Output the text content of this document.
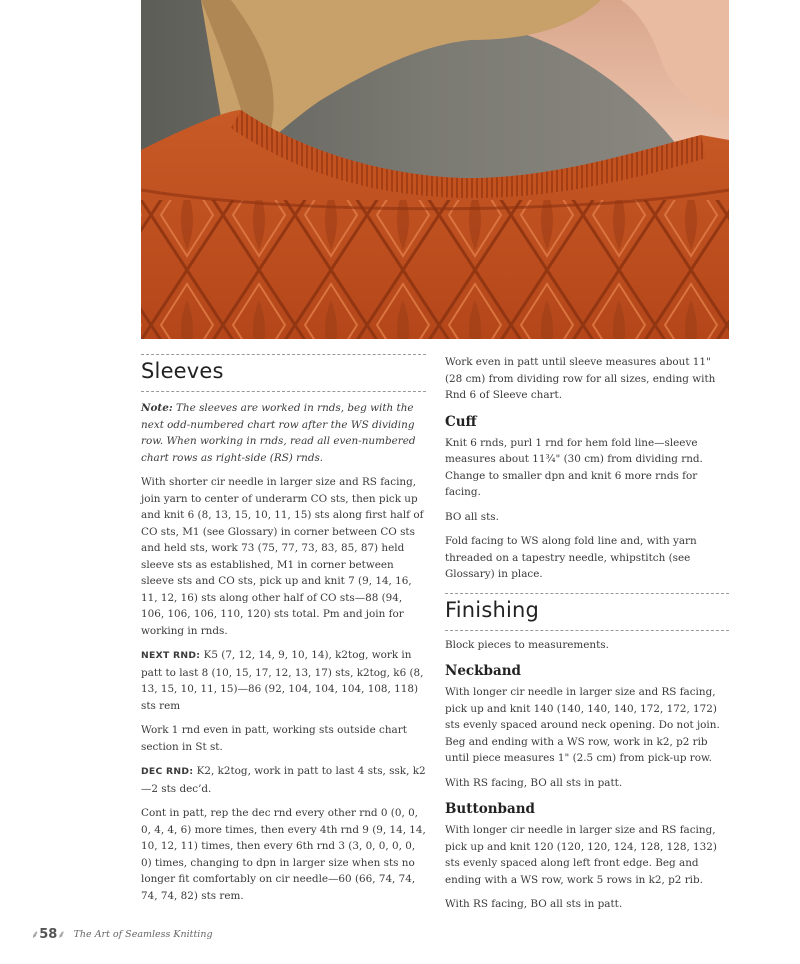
Sleeves

Note: The sleeves are worked in rnds, beg with the next odd-numbered chart row after the WS dividing row. When working in rnds, read all even-numbered chart rows as right-side (RS) rnds.

With shorter cir needle in larger size and RS facing, join yarn to center of underarm CO sts, then pick up and knit 6 (8, 13, 15, 10, 11, 15) sts along first half of CO sts, M1 (see Glossary) in corner between CO sts and held sts, work 73 (75, 77, 73, 83, 85, 87) held sleeve sts as established, M1 in corner between sleeve sts and CO sts, pick up and knit 7 (9, 14, 16, 11, 12, 16) sts along other half of CO sts—88 (94, 106, 106, 106, 110, 120) sts total. Pm and join for working in rnds.

NEXT RND: K5 (7, 12, 14, 9, 10, 14), k2tog, work in patt to last 8 (10, 15, 17, 12, 13, 17) sts, k2tog, k6 (8, 13, 15, 10, 11, 15)—86 (92, 104, 104, 104, 108, 118) sts rem

Work 1 rnd even in patt, working sts outside chart section in St st.

DEC RND: K2, k2tog, work in patt to last 4 sts, ssk, k2—2 sts dec’d.

Cont in patt, rep the dec rnd every other rnd 0 (0, 0, 0, 4, 4, 6) more times, then every 4th rnd 9 (9, 14, 14, 10, 12, 11) times, then every 6th rnd 3 (3, 0, 0, 0, 0, 0) times, changing to dpn in larger size when sts no longer fit comfortably on cir needle—60 (66, 74, 74, 74, 74, 82) sts rem.

Work even in patt until sleeve measures about 11" (28 cm) from dividing row for all sizes, ending with Rnd 6 of Sleeve chart.

Cuff

Knit 6 rnds, purl 1 rnd for hem fold line—sleeve measures about 11¾" (30 cm) from dividing rnd. Change to smaller dpn and knit 6 more rnds for facing.

BO all sts.

Fold facing to WS along fold line and, with yarn threaded on a tapestry needle, whipstitch (see Glossary) in place.

Finishing

Block pieces to measurements.

Neckband

With longer cir needle in larger size and RS facing, pick up and knit 140 (140, 140, 140, 172, 172, 172) sts evenly spaced around neck opening. Do not join. Beg and ending with a WS row, work in k2, p2 rib until piece measures 1" (2.5 cm) from pick-up row.

With RS facing, BO all sts in patt.

Buttonband

With longer cir needle in larger size and RS facing, pick up and knit 120 (120, 120, 124, 128, 128, 132) sts evenly spaced along left front edge. Beg and ending with a WS row, work 5 rows in k2, p2 rib.

With RS facing, BO all sts in patt.

⸙ 58 ⸙ The Art of Seamless Knitting
